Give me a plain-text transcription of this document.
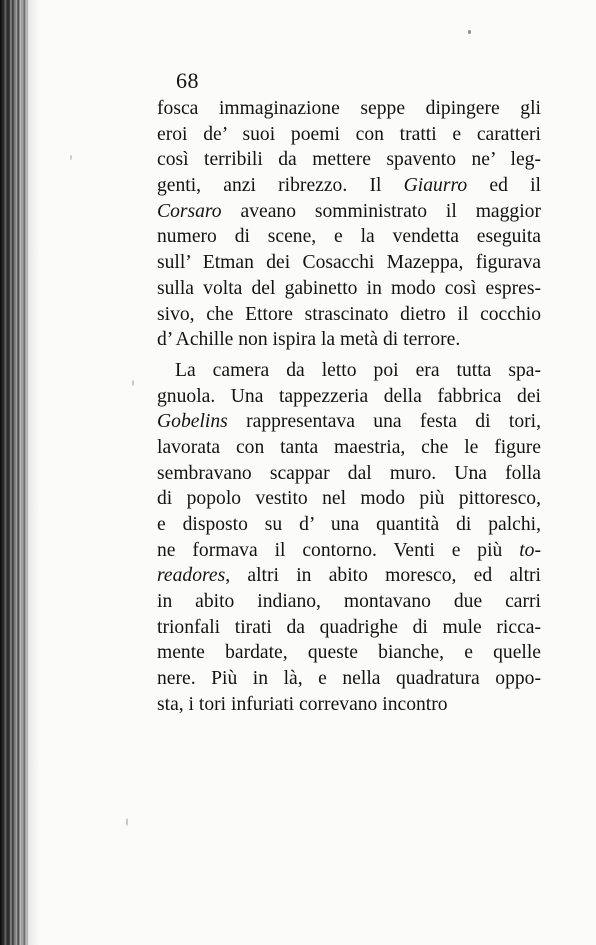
68
fosca immaginazione seppe dipingere gli
eroi de’ suoi poemi con tratti e caratteri
così terribili da mettere spavento ne’ leg-
genti, anzi ribrezzo. Il Giaurro ed il
Corsaro aveano somministrato il maggior
numero di scene, e la vendetta eseguita
sull’ Etman dei Cosacchi Mazeppa, figurava
sulla volta del gabinetto in modo così espres-
sivo, che Ettore strascinato dietro il cocchio
d’ Achille non ispira la metà di terrore.
La camera da letto poi era tutta spa-
gnuola. Una tappezzeria della fabbrica dei
Gobelins rappresentava una festa di tori,
lavorata con tanta maestria, che le figure
sembravano scappar dal muro. Una folla
di popolo vestito nel modo più pittoresco,
e disposto su d’ una quantità di palchi,
ne formava il contorno. Venti e più to-
readores, altri in abito moresco, ed altri
in abito indiano, montavano due carri
trionfali tirati da quadrighe di mule ricca-
mente bardate, queste bianche, e quelle
nere. Più in là, e nella quadratura oppo-
sta, i tori infuriati correvano incontro
